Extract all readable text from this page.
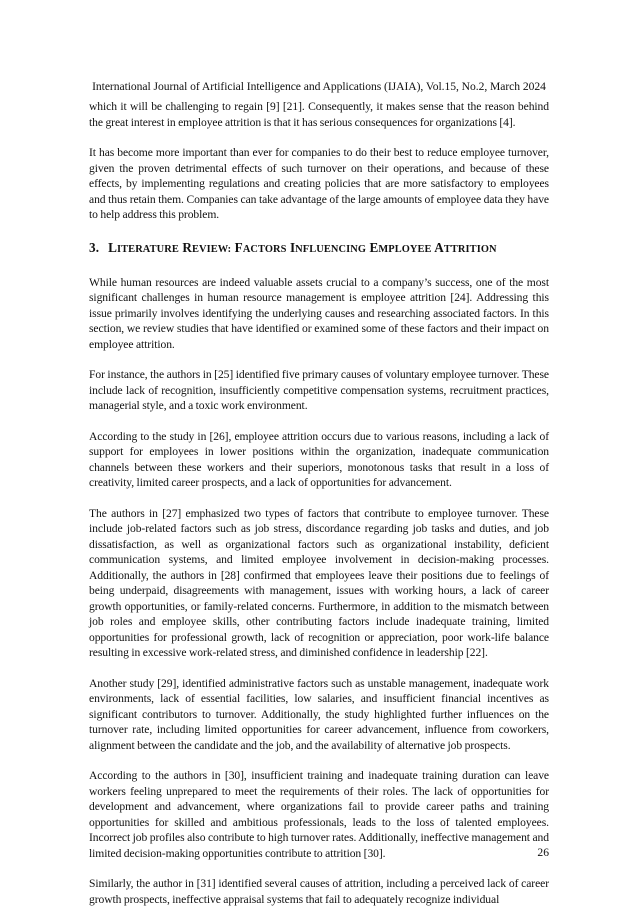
International Journal of Artificial Intelligence and Applications (IJAIA), Vol.15, No.2, March 2024

which it will be challenging to regain [9] [21]. Consequently, it makes sense that the reason behind the great interest in employee attrition is that it has serious consequences for organizations [4].

It has become more important than ever for companies to do their best to reduce employee turnover, given the proven detrimental effects of such turnover on their operations, and because of these effects, by implementing regulations and creating policies that are more satisfactory to employees and thus retain them. Companies can take advantage of the large amounts of employee data they have to help address this problem.

3. LITERATURE REVIEW: FACTORS INFLUENCING EMPLOYEE ATTRITION

While human resources are indeed valuable assets crucial to a company’s success, one of the most significant challenges in human resource management is employee attrition [24]. Addressing this issue primarily involves identifying the underlying causes and researching associated factors. In this section, we review studies that have identified or examined some of these factors and their impact on employee attrition.

For instance, the authors in [25] identified five primary causes of voluntary employee turnover. These include lack of recognition, insufficiently competitive compensation systems, recruitment practices, managerial style, and a toxic work environment.

According to the study in [26], employee attrition occurs due to various reasons, including a lack of support for employees in lower positions within the organization, inadequate communication channels between these workers and their superiors, monotonous tasks that result in a loss of creativity, limited career prospects, and a lack of opportunities for advancement.

The authors in [27] emphasized two types of factors that contribute to employee turnover. These include job-related factors such as job stress, discordance regarding job tasks and duties, and job dissatisfaction, as well as organizational factors such as organizational instability, deficient communication systems, and limited employee involvement in decision-making processes. Additionally, the authors in [28] confirmed that employees leave their positions due to feelings of being underpaid, disagreements with management, issues with working hours, a lack of career growth opportunities, or family-related concerns. Furthermore, in addition to the mismatch between job roles and employee skills, other contributing factors include inadequate training, limited opportunities for professional growth, lack of recognition or appreciation, poor work-life balance resulting in excessive work-related stress, and diminished confidence in leadership [22].

Another study [29], identified administrative factors such as unstable management, inadequate work environments, lack of essential facilities, low salaries, and insufficient financial incentives as significant contributors to turnover. Additionally, the study highlighted further influences on the turnover rate, including limited opportunities for career advancement, influence from coworkers, alignment between the candidate and the job, and the availability of alternative job prospects.

According to the authors in [30], insufficient training and inadequate training duration can leave workers feeling unprepared to meet the requirements of their roles. The lack of opportunities for development and advancement, where organizations fail to provide career paths and training opportunities for skilled and ambitious professionals, leads to the loss of talented employees. Incorrect job profiles also contribute to high turnover rates. Additionally, ineffective management and limited decision-making opportunities contribute to attrition [30].

Similarly, the author in [31] identified several causes of attrition, including a perceived lack of career growth prospects, ineffective appraisal systems that fail to adequately recognize individual

26
